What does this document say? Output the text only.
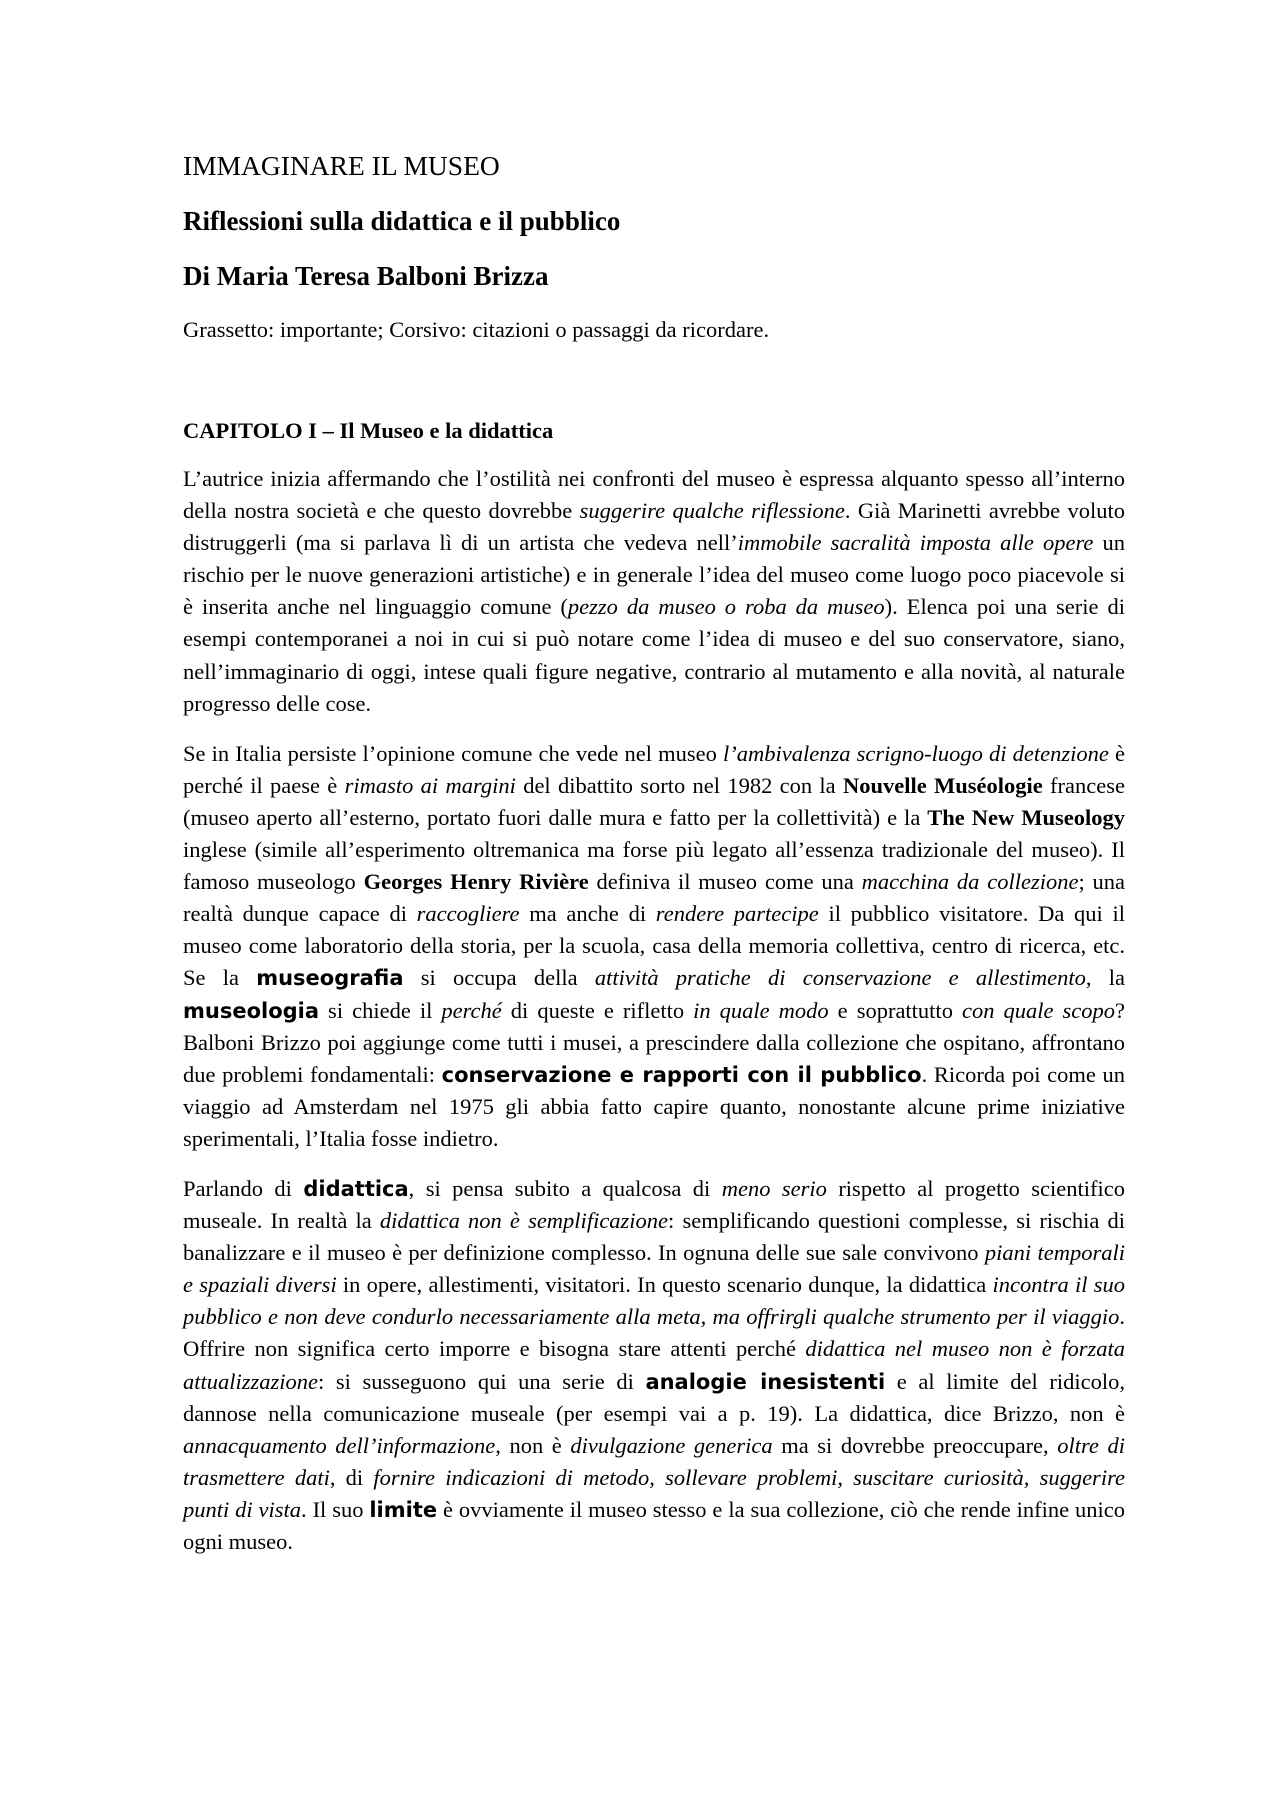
IMMAGINARE IL MUSEO
Riflessioni sulla didattica e il pubblico
Di Maria Teresa Balboni Brizza
Grassetto: importante; Corsivo: citazioni o passaggi da ricordare.
CAPITOLO I – Il Museo e la didattica

L’autrice inizia affermando che l’ostilità nei confronti del museo è espressa alquanto spesso all’interno della nostra società e che questo dovrebbe suggerire qualche riflessione. Già Marinetti avrebbe voluto distruggerli (ma si parlava lì di un artista che vedeva nell’immobile sacralità imposta alle opere un rischio per le nuove generazioni artistiche) e in generale l’idea del museo come luogo poco piacevole si è inserita anche nel linguaggio comune (pezzo da museo o roba da museo). Elenca poi una serie di esempi contemporanei a noi in cui si può notare come l’idea di museo e del suo conservatore, siano, nell’immaginario di oggi, intese quali figure negative, contrario al mutamento e alla novità, al naturale progresso delle cose.

Se in Italia persiste l’opinione comune che vede nel museo l’ambivalenza scrigno-luogo di detenzione è perché il paese è rimasto ai margini del dibattito sorto nel 1982 con la Nouvelle Muséologie francese (museo aperto all’esterno, portato fuori dalle mura e fatto per la collettività) e la The New Museology inglese (simile all’esperimento oltremanica ma forse più legato all’essenza tradizionale del museo). Il famoso museologo Georges Henry Rivière definiva il museo come una macchina da collezione; una realtà dunque capace di raccogliere ma anche di rendere partecipe il pubblico visitatore. Da qui il museo come laboratorio della storia, per la scuola, casa della memoria collettiva, centro di ricerca, etc. Se la museografia si occupa della attività pratiche di conservazione e allestimento, la museologia si chiede il perché di queste e rifletto in quale modo e soprattutto con quale scopo? Balboni Brizzo poi aggiunge come tutti i musei, a prescindere dalla collezione che ospitano, affrontano due problemi fondamentali: conservazione e rapporti con il pubblico. Ricorda poi come un viaggio ad Amsterdam nel 1975 gli abbia fatto capire quanto, nonostante alcune prime iniziative sperimentali, l’Italia fosse indietro.

Parlando di didattica, si pensa subito a qualcosa di meno serio rispetto al progetto scientifico museale. In realtà la didattica non è semplificazione: semplificando questioni complesse, si rischia di banalizzare e il museo è per definizione complesso. In ognuna delle sue sale convivono piani temporali e spaziali diversi in opere, allestimenti, visitatori. In questo scenario dunque, la didattica incontra il suo pubblico e non deve condurlo necessariamente alla meta, ma offrirgli qualche strumento per il viaggio. Offrire non significa certo imporre e bisogna stare attenti perché didattica nel museo non è forzata attualizzazione: si susseguono qui una serie di analogie inesistenti e al limite del ridicolo, dannose nella comunicazione museale (per esempi vai a p. 19). La didattica, dice Brizzo, non è annacquamento dell’informazione, non è divulgazione generica ma si dovrebbe preoccupare, oltre di trasmettere dati, di fornire indicazioni di metodo, sollevare problemi, suscitare curiosità, suggerire punti di vista. Il suo limite è ovviamente il museo stesso e la sua collezione, ciò che rende infine unico ogni museo.
